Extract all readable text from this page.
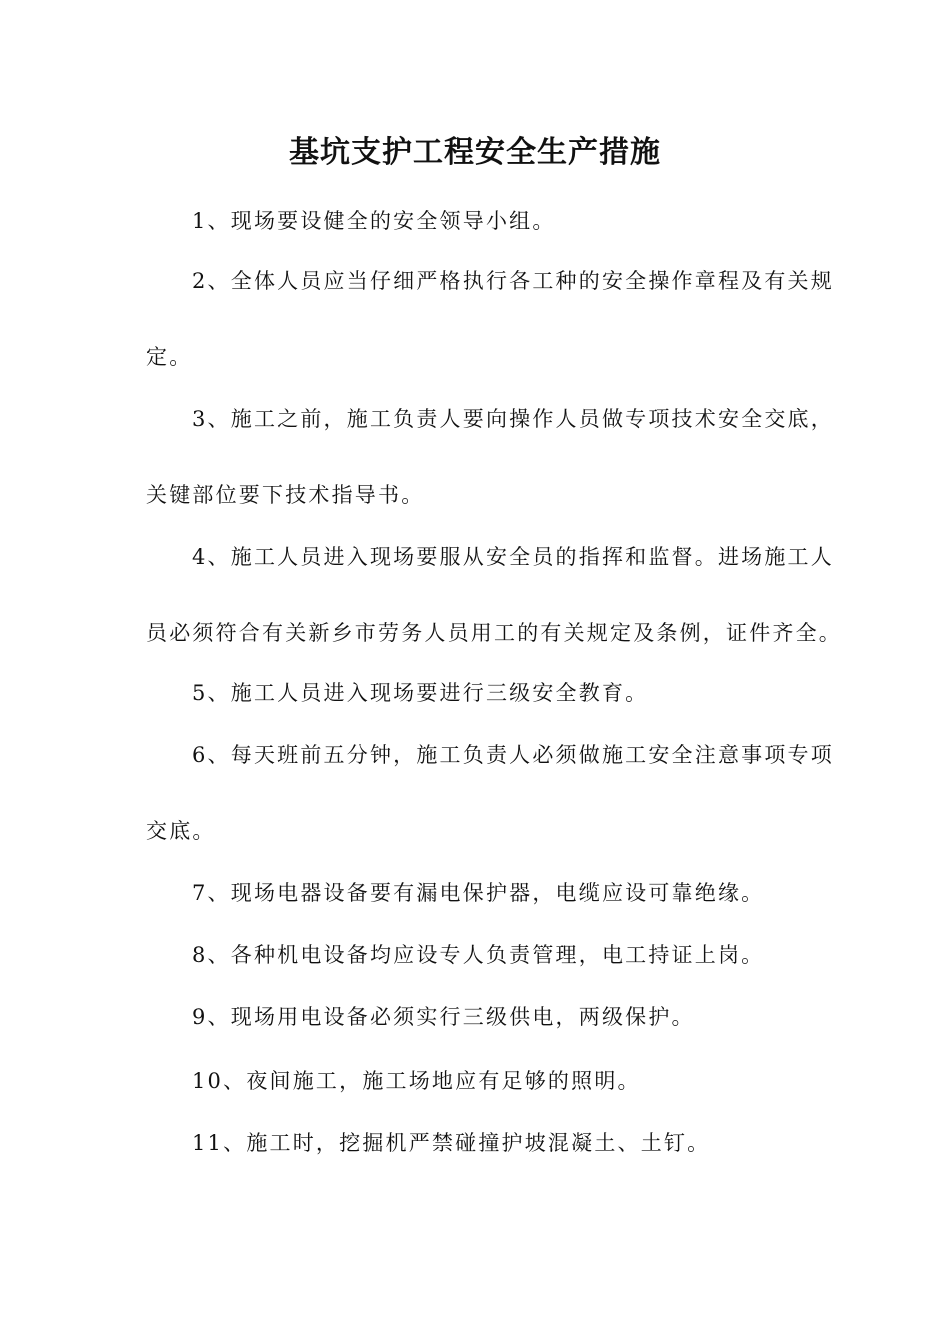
基坑支护工程安全生产措施

1、现场要设健全的安全领导小组。

2、全体人员应当仔细严格执行各工种的安全操作章程及有关规

定。

3、施工之前，施工负责人要向操作人员做专项技术安全交底，

关键部位要下技术指导书。

4、施工人员进入现场要服从安全员的指挥和监督。进场施工人

员必须符合有关新乡市劳务人员用工的有关规定及条例，证件齐全。

5、施工人员进入现场要进行三级安全教育。

6、每天班前五分钟，施工负责人必须做施工安全注意事项专项

交底。

7、现场电器设备要有漏电保护器，电缆应设可靠绝缘。

8、各种机电设备均应设专人负责管理，电工持证上岗。

9、现场用电设备必须实行三级供电，两级保护。

10、夜间施工，施工场地应有足够的照明。

11、施工时，挖掘机严禁碰撞护坡混凝土、土钉。
